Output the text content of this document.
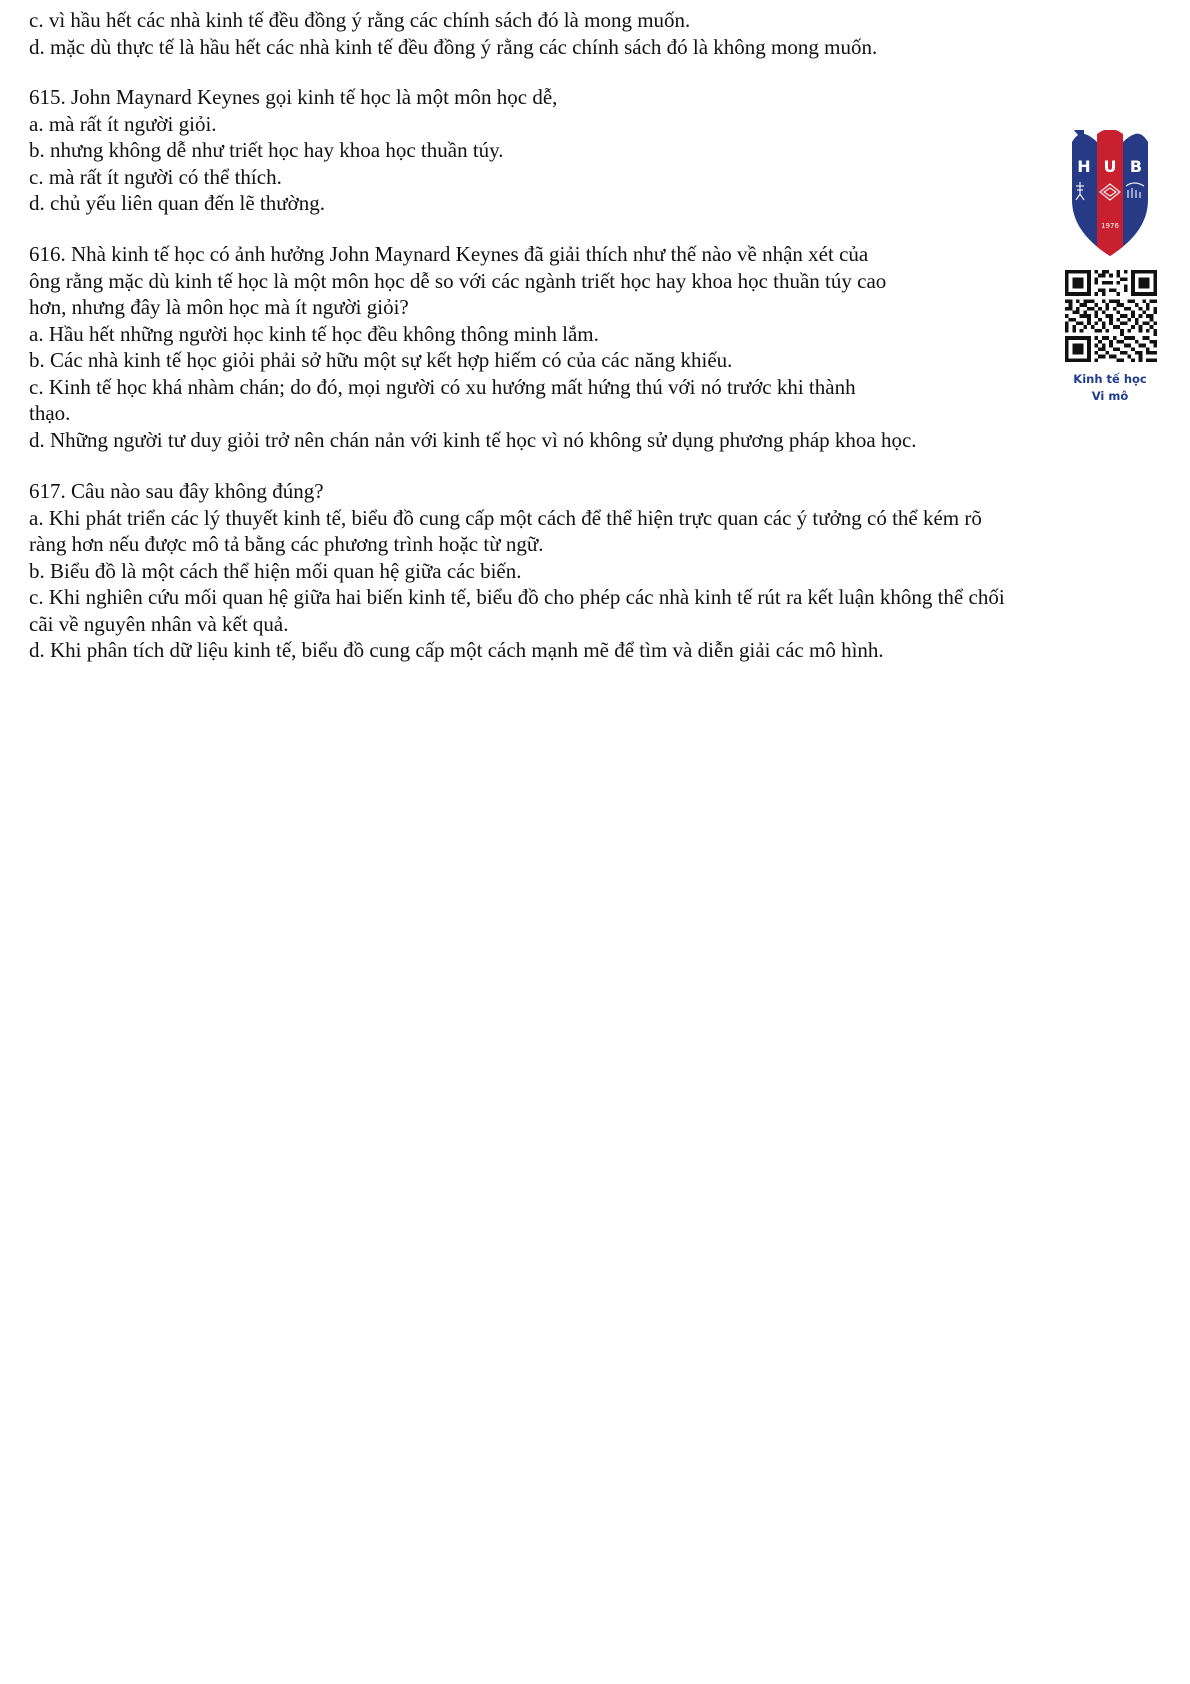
c. vì hầu hết các nhà kinh tế đều đồng ý rằng các chính sách đó là mong muốn.
d. mặc dù thực tế là hầu hết các nhà kinh tế đều đồng ý rằng các chính sách đó là không mong muốn.
615. John Maynard Keynes gọi kinh tế học là một môn học dễ,
a. mà rất ít người giỏi.
b. nhưng không dễ như triết học hay khoa học thuần túy.
c. mà rất ít người có thể thích.
d. chủ yếu liên quan đến lẽ thường.
616. Nhà kinh tế học có ảnh hưởng John Maynard Keynes đã giải thích như thế nào về nhận xét của
ông rằng mặc dù kinh tế học là một môn học dễ so với các ngành triết học hay khoa học thuần túy cao
hơn, nhưng đây là môn học mà ít người giỏi?
a. Hầu hết những người học kinh tế học đều không thông minh lắm.
b. Các nhà kinh tế học giỏi phải sở hữu một sự kết hợp hiếm có của các năng khiếu.
c. Kinh tế học khá nhàm chán; do đó, mọi người có xu hướng mất hứng thú với nó trước khi thành
thạo.
d. Những người tư duy giỏi trở nên chán nản với kinh tế học vì nó không sử dụng phương pháp khoa học.
617. Câu nào sau đây không đúng?
a. Khi phát triển các lý thuyết kinh tế, biểu đồ cung cấp một cách để thể hiện trực quan các ý tưởng có thể kém rõ
ràng hơn nếu được mô tả bằng các phương trình hoặc từ ngữ.
b. Biểu đồ là một cách thể hiện mối quan hệ giữa các biến.
c. Khi nghiên cứu mối quan hệ giữa hai biến kinh tế, biểu đồ cho phép các nhà kinh tế rút ra kết luận không thể chối
cãi về nguyên nhân và kết quả.
d. Khi phân tích dữ liệu kinh tế, biểu đồ cung cấp một cách mạnh mẽ để tìm và diễn giải các mô hình.
H U B
1976
Kinh tế học
Vi mô
